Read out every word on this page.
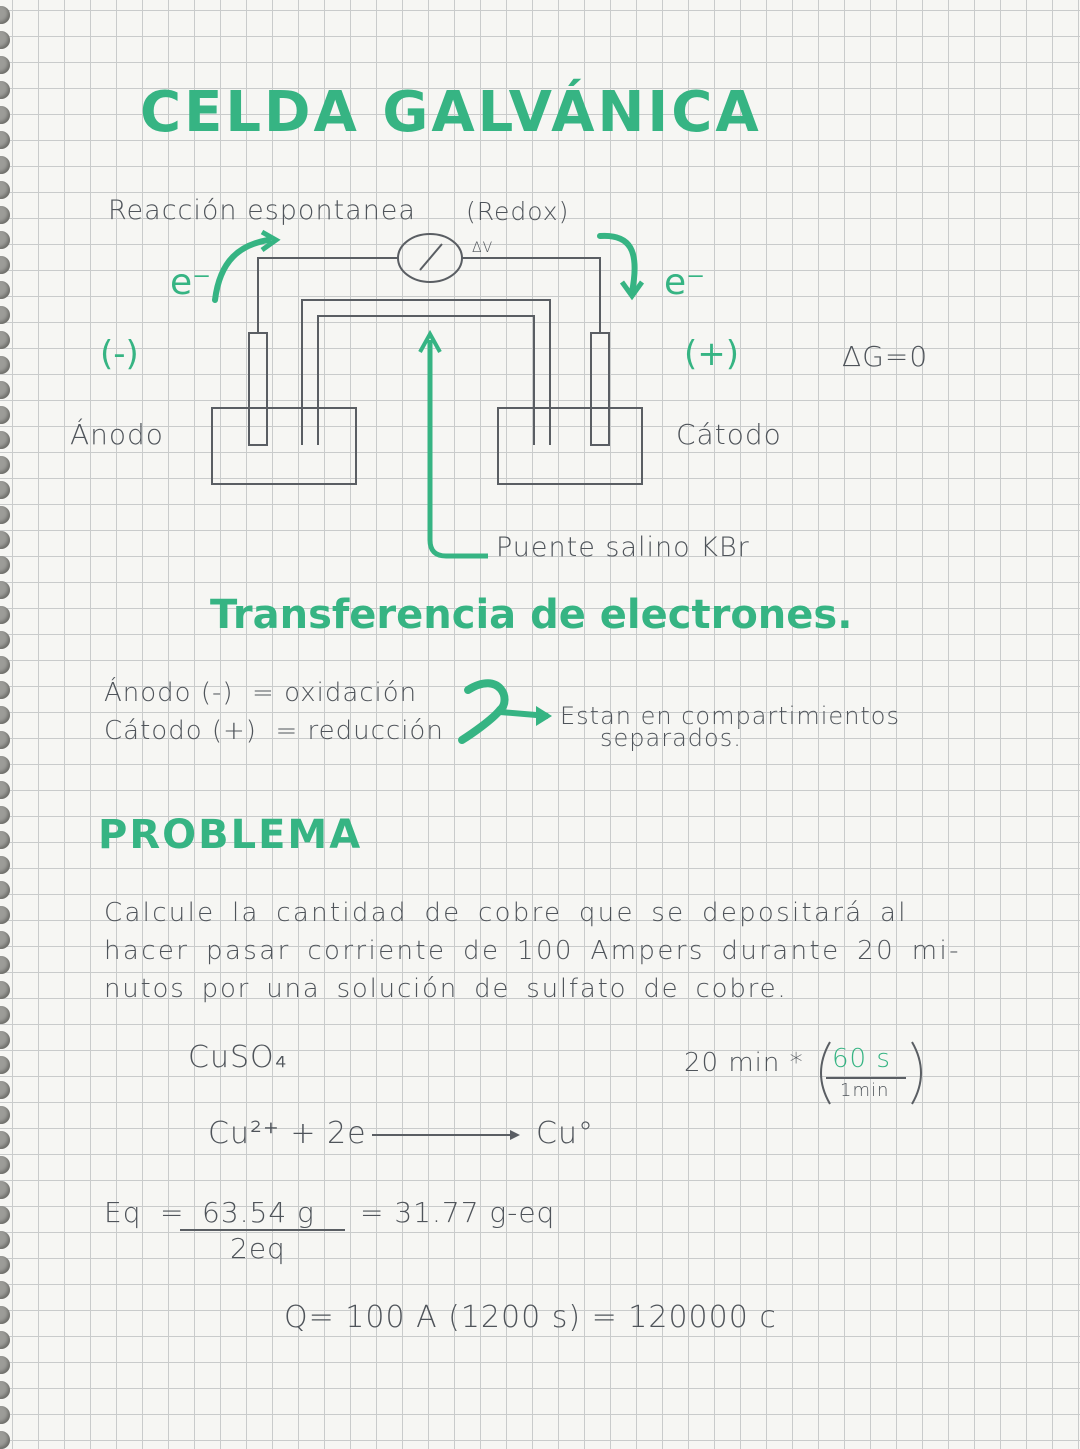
CELDA GALVÁNICA
Reacción espontanea (Redox)
ΔV
e⁻	e⁻
(-)	(+)	ΔG=0
Ánodo	Cátodo
Puente salino KBr
Transferencia de electrones.
Ánodo (-)  = oxidación
Cátodo (+)  = reducción	Estan en compartimientos
separados.
PROBLEMA
Calcule la cantidad de cobre que se depositará al
hacer pasar corriente de 100 Ampers durante 20 mi-
nutos por una solución de sulfato de cobre.
CuSO₄	20 min * 60 s
1min
Cu²⁺ + 2e	Cu°
Eq = 63.54 g
2eq
= 31.77 g-eq
Q= 100 A (1200 s) = 120000 c
